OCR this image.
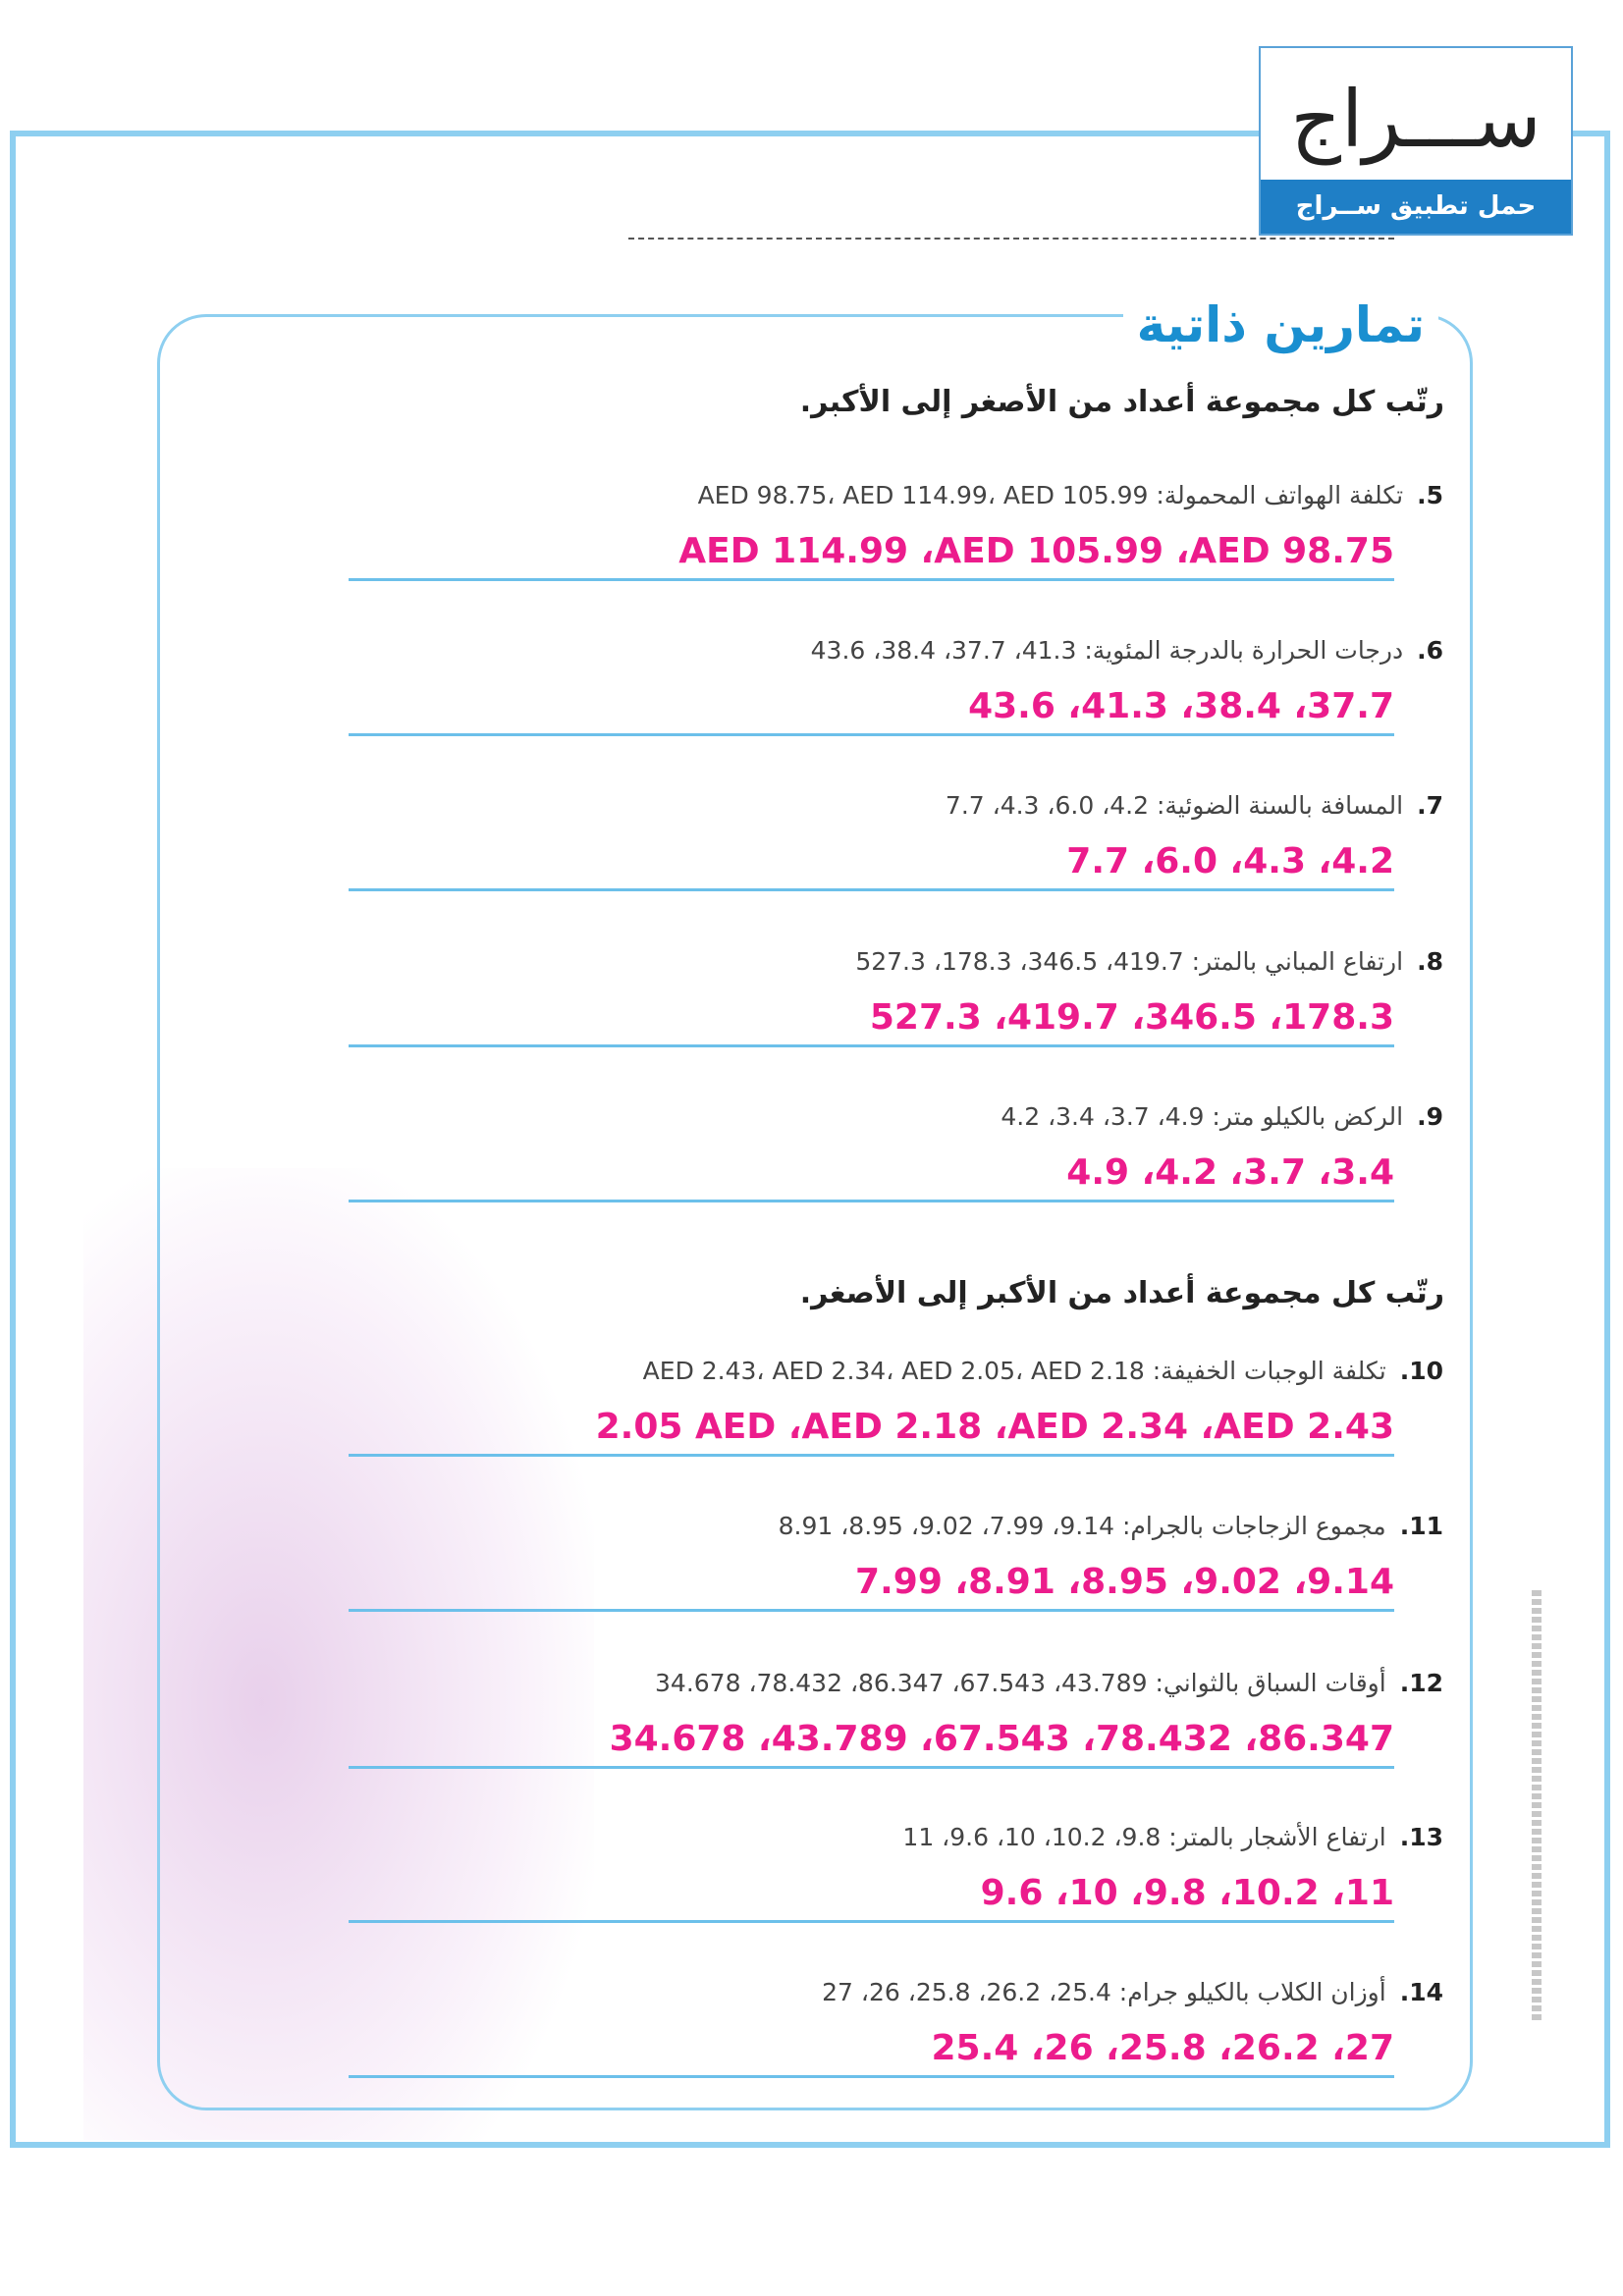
ســـراج
حمل تطبيق ســراج
تمارين ذاتية
رتّب كل مجموعة أعداد من الأصغر إلى الأكبر.
5.تكلفة الهواتف المحمولة: AED 98.75، AED 114.99، AED 105.99
AED 114.99 ،AED 105.99 ،AED 98.75
6.درجات الحرارة بالدرجة المئوية: 41.3، 37.7، 38.4، 43.6
43.6 ،41.3 ،38.4 ،37.7
7.المسافة بالسنة الضوئية: 4.2، 6.0، 4.3، 7.7
7.7 ،6.0 ،4.3 ،4.2
8.ارتفاع المباني بالمتر: 419.7، 346.5، 178.3، 527.3
527.3 ،419.7 ،346.5 ،178.3
9.الركض بالكيلو متر: 4.9، 3.7، 3.4، 4.2
4.9 ،4.2 ،3.7 ،3.4
رتّب كل مجموعة أعداد من الأكبر إلى الأصغر.
10.تكلفة الوجبات الخفيفة: AED 2.43، AED 2.34، AED 2.05، AED 2.18
2.05 AED ،AED 2.18 ،AED 2.34 ،AED 2.43
11.مجموع الزجاجات بالجرام: 9.14، 7.99، 9.02، 8.95، 8.91
7.99 ،8.91 ،8.95 ،9.02 ،9.14
12.أوقات السباق بالثواني: 43.789، 67.543، 86.347، 78.432، 34.678
34.678 ،43.789 ،67.543 ،78.432 ،86.347
13.ارتفاع الأشجار بالمتر: 9.8، 10.2، 10، 9.6، 11
9.6 ،10 ،9.8 ،10.2 ،11
14.أوزان الكلاب بالكيلو جرام: 25.4، 26.2، 25.8، 26، 27
25.4 ،26 ،25.8 ،26.2 ،27
